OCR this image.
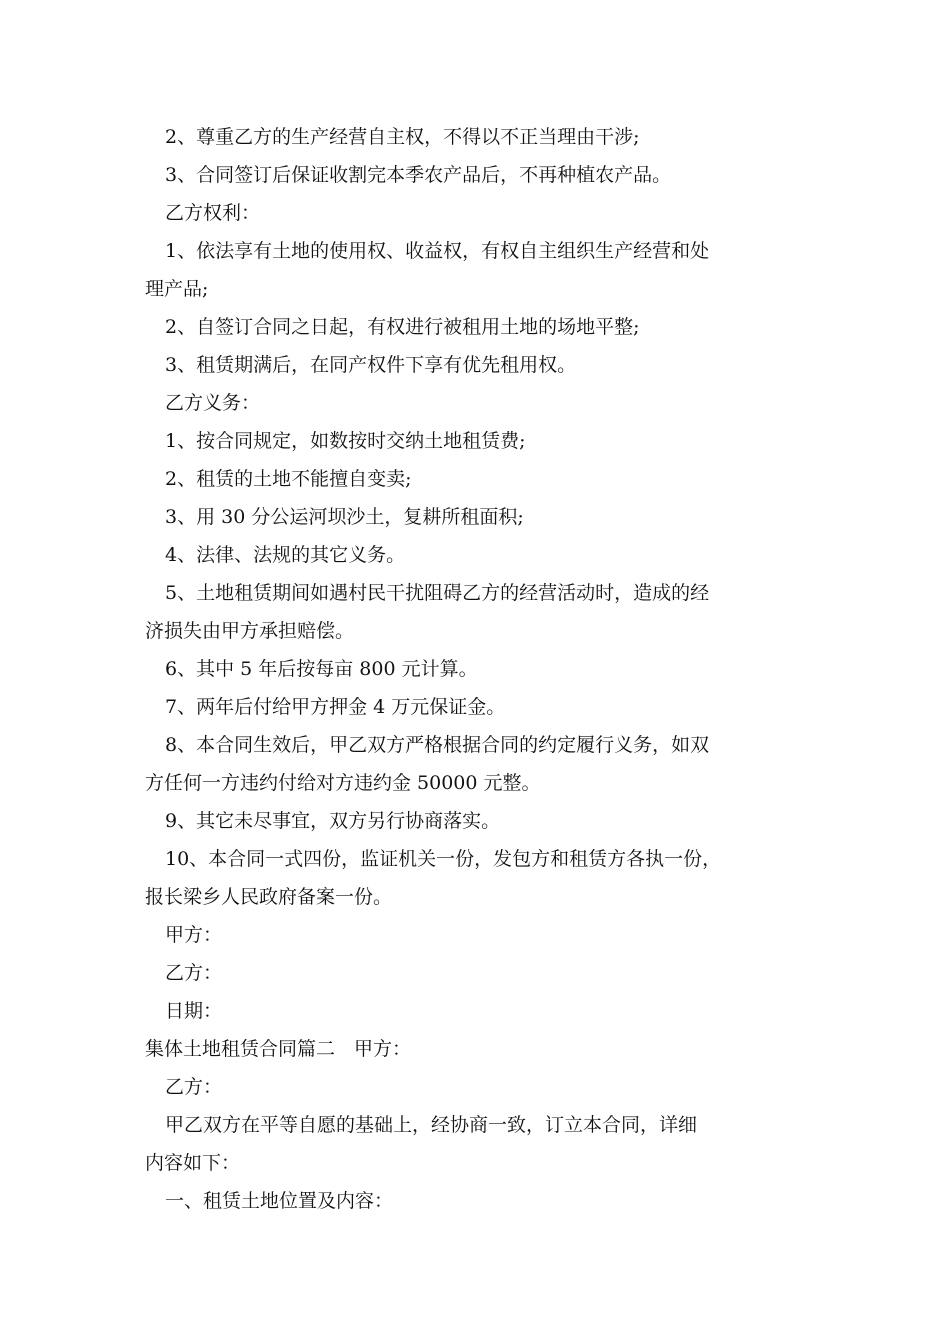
2、尊重乙方的生产经营自主权，不得以不正当理由干涉;

3、合同签订后保证收割完本季农产品后，不再种植农产品。

乙方权利：

1、依法享有土地的使用权、收益权，有权自主组织生产经营和处

理产品;

2、自签订合同之日起，有权进行被租用土地的场地平整;

3、租赁期满后，在同产权件下享有优先租用权。

乙方义务：

1、按合同规定，如数按时交纳土地租赁费;

2、租赁的土地不能擅自变卖;

3、用 30 分公运河坝沙土，复耕所租面积;

4、法律、法规的其它义务。

5、土地租赁期间如遇村民干扰阻碍乙方的经营活动时，造成的经

济损失由甲方承担赔偿。

6、其中 5 年后按每亩 800 元计算。

7、两年后付给甲方押金 4 万元保证金。

8、本合同生效后，甲乙双方严格根据合同的约定履行义务，如双

方任何一方违约付给对方违约金 50000 元整。

9、其它未尽事宜，双方另行协商落实。

10、本合同一式四份，监证机关一份，发包方和租赁方各执一份，

报长梁乡人民政府备案一份。

甲方：

乙方：

日期：

集体土地租赁合同篇二　甲方：

乙方：

甲乙双方在平等自愿的基础上，经协商一致，订立本合同，详细

内容如下：

一、租赁土地位置及内容：
